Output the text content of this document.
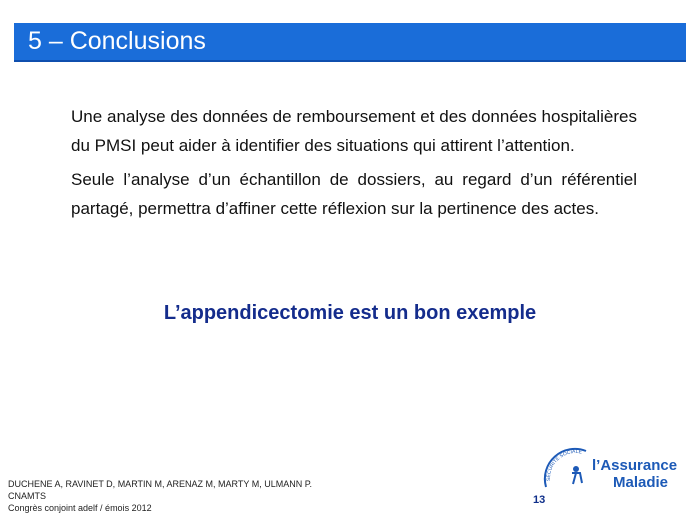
5 – Conclusions

Une analyse des données de remboursement et des données hospitalières du PMSI peut aider à identifier des situations qui attirent l’attention.

Seule l’analyse d’un échantillon de dossiers, au regard d’un référentiel partagé, permettra d’affiner cette réflexion sur la pertinence des actes.

L’appendicectomie est un bon exemple
DUCHENE A, RAVINET D, MARTIN M, ARENAZ M, MARTY M, ULMANN P.
CNAMTS
Congrès conjoint adelf / émois 2012
13
SÉCURITÉ SOCIALE
l’Assurance
Maladie
